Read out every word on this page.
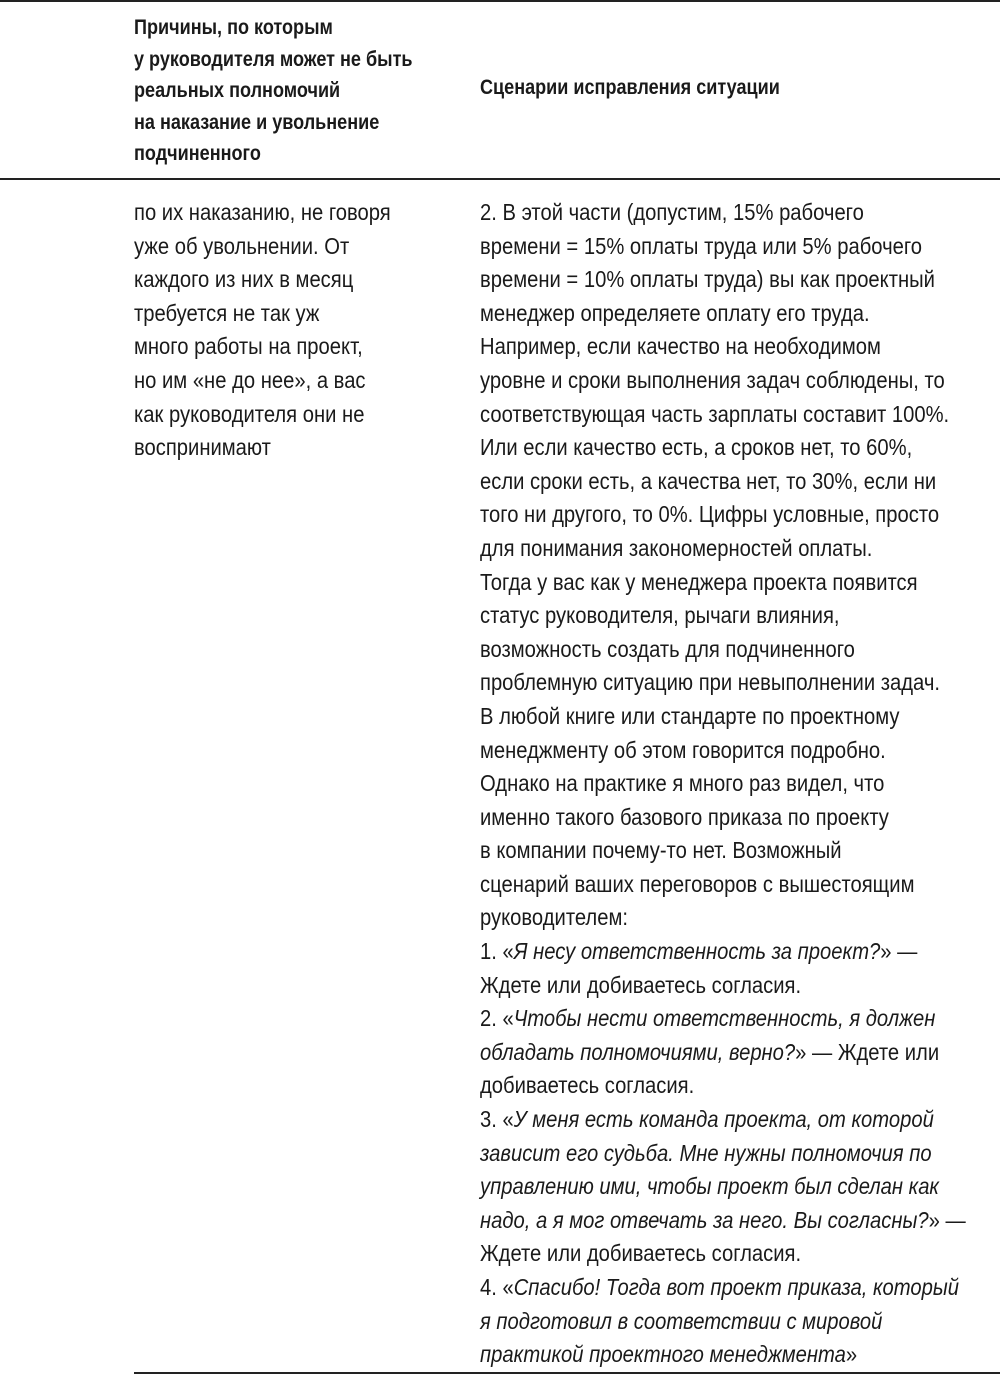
Причины, по которым
у руководителя может не быть
реальных полномочий
на наказание и увольнение
подчиненного
Сценарии исправления ситуации
по их наказанию, не говоря
уже об увольнении. От
каждого из них в месяц
требуется не так уж
много работы на проект,
но им «не до нее», а вас
как руководителя они не
воспринимают
2. В этой части (допустим, 15% рабочего
времени = 15% оплаты труда или 5% рабочего
времени = 10% оплаты труда) вы как проектный
менеджер определяете оплату его труда.
Например, если качество на необходимом
уровне и сроки выполнения задач соблюдены, то
соответствующая часть зарплаты составит 100%.
Или если качество есть, а сроков нет, то 60%,
если сроки есть, а качества нет, то 30%, если ни
того ни другого, то 0%. Цифры условные, просто
для понимания закономерностей оплаты.
Тогда у вас как у менеджера проекта появится
статус руководителя, рычаги влияния,
возможность создать для подчиненного
проблемную ситуацию при невыполнении задач.
В любой книге или стандарте по проектному
менеджменту об этом говорится подробно.
Однако на практике я много раз видел, что
именно такого базового приказа по проекту
в компании почему-то нет. Возможный
сценарий ваших переговоров с вышестоящим
руководителем:
1. «Я несу ответственность за проект?» —
Ждете или добиваетесь согласия.
2. «Чтобы нести ответственность, я должен
обладать полномочиями, верно?» — Ждете или
добиваетесь согласия.
3. «У меня есть команда проекта, от которой
зависит его судьба. Мне нужны полномочия по
управлению ими, чтобы проект был сделан как
надо, а я мог отвечать за него. Вы согласны?» —
Ждете или добиваетесь согласия.
4. «Спасибо! Тогда вот проект приказа, который
я подготовил в соответствии с мировой
практикой проектного менеджмента»
